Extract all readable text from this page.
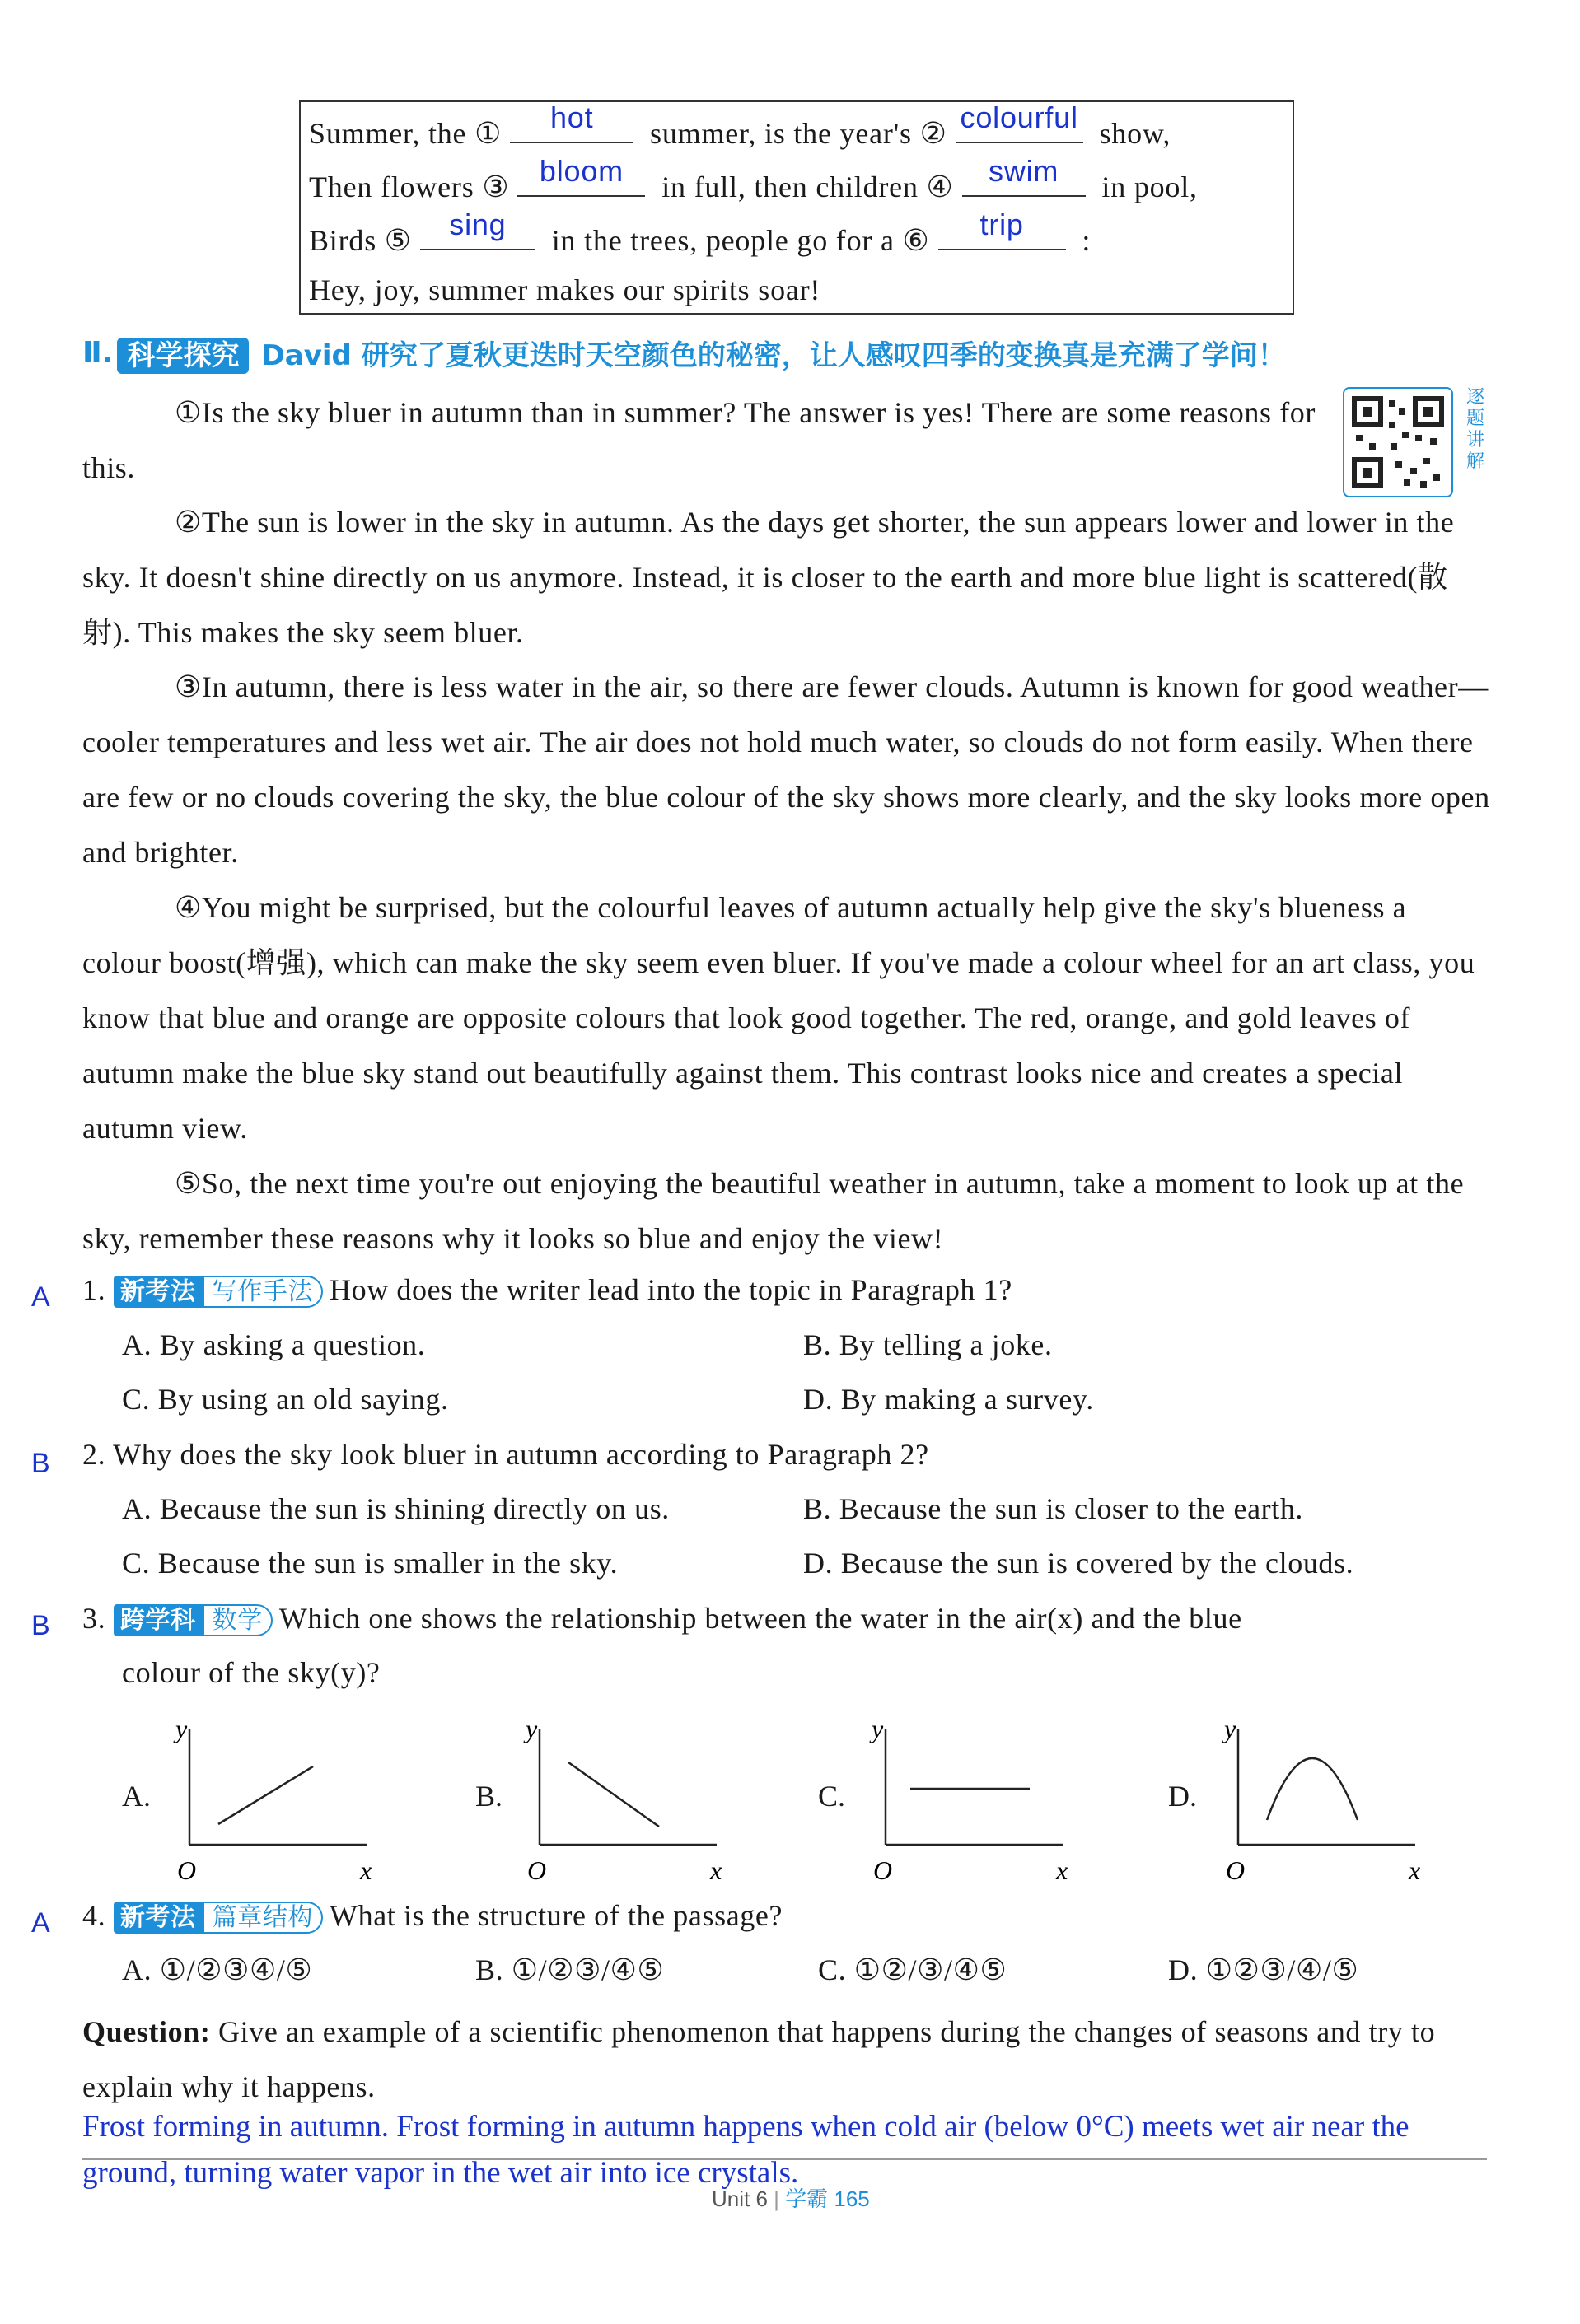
Summer, the ①	hot	summer, is the year's ② colourful show,
Then flowers ③	bloom	in full, then children ④	swim	in pool,
Birds ⑤	sing	in the trees, people go for a ⑥	trip	:
Hey, joy, summer makes our spirits soar!
Ⅱ. 科学探究 David 研究了夏秋更迭时天空颜色的秘密，让人感叹四季的变换真是充满了学问！
逐题讲解
①Is the sky bluer in autumn than in summer? The answer is yes! There are some reasons for this.
②The sun is lower in the sky in autumn. As the days get shorter, the sun appears lower and lower in the sky. It doesn't shine directly on us anymore. Instead, it is closer to the earth and more blue light is scattered(散射). This makes the sky seem bluer.
③In autumn, there is less water in the air, so there are fewer clouds. Autumn is known for good weather—cooler temperatures and less wet air. The air does not hold much water, so clouds do not form easily. When there are few or no clouds covering the sky, the blue colour of the sky shows more clearly, and the sky looks more open and brighter.
④You might be surprised, but the colourful leaves of autumn actually help give the sky's blueness a colour boost(增强), which can make the sky seem even bluer. If you've made a colour wheel for an art class, you know that blue and orange are opposite colours that look good together. The red, orange, and gold leaves of autumn make the blue sky stand out beautifully against them. This contrast looks nice and creates a special autumn view.
⑤So, the next time you're out enjoying the beautiful weather in autumn, take a moment to look up at the sky, remember these reasons why it looks so blue and enjoy the view!
A 1. 新考法 写作手法 How does the writer lead into the topic in Paragraph 1?
A. By asking a question.	B. By telling a joke.
C. By using an old saying.	D. By making a survey.
B 2. Why does the sky look bluer in autumn according to Paragraph 2?
A. Because the sun is shining directly on us.	B. Because the sun is closer to the earth.
C. Because the sun is smaller in the sky.	D. Because the sun is covered by the clouds.
B 3. 跨学科 数学 Which one shows the relationship between the water in the air(x) and the blue
colour of the sky(y)?
A.
y
O	x
B.
y
O	x
C.
y
O	x
D.
y
O	x
A 4. 新考法 篇章结构 What is the structure of the passage?
A. ①/②③④/⑤	B. ①/②③/④⑤	C. ①②/③/④⑤	D. ①②③/④/⑤
Question: Give an example of a scientific phenomenon that happens during the changes of seasons and try to explain why it happens.
Frost forming in autumn. Frost forming in autumn happens when cold air (below 0°C) meets wet air near the ground, turning water vapor in the wet air into ice crystals.
Unit 6 | 学霸 165
